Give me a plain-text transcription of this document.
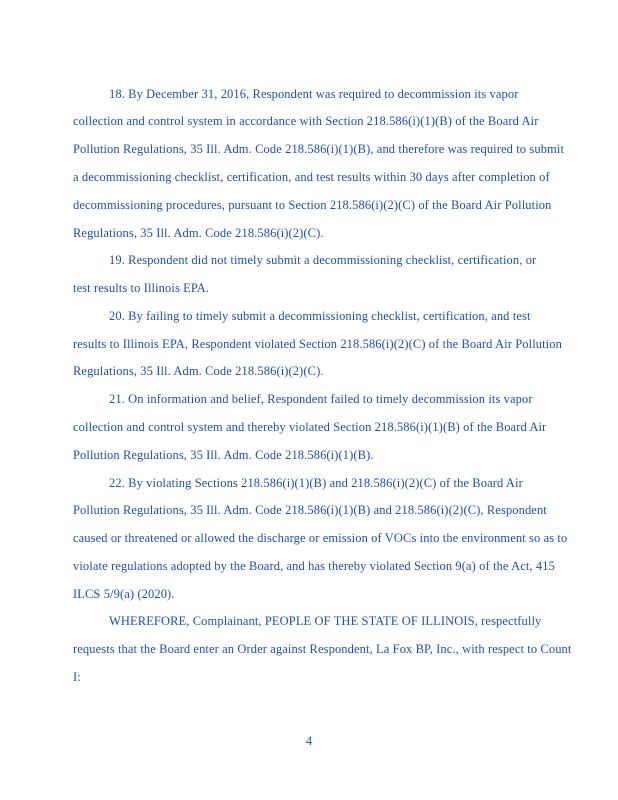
18. By December 31, 2016, Respondent was required to decommission its vapor
collection and control system in accordance with Section 218.586(i)(1)(B) of the Board Air
Pollution Regulations, 35 Ill. Adm. Code 218.586(i)(1)(B), and therefore was required to submit
a decommissioning checklist, certification, and test results within 30 days after completion of
decommissioning procedures, pursuant to Section 218.586(i)(2)(C) of the Board Air Pollution
Regulations, 35 Ill. Adm. Code 218.586(i)(2)(C).
19. Respondent did not timely submit a decommissioning checklist, certification, or
test results to Illinois EPA.
20. By failing to timely submit a decommissioning checklist, certification, and test
results to Illinois EPA, Respondent violated Section 218.586(i)(2)(C) of the Board Air Pollution
Regulations, 35 Ill. Adm. Code 218.586(i)(2)(C).
21. On information and belief, Respondent failed to timely decommission its vapor
collection and control system and thereby violated Section 218.586(i)(1)(B) of the Board Air
Pollution Regulations, 35 Ill. Adm. Code 218.586(i)(1)(B).
22. By violating Sections 218.586(i)(1)(B) and 218.586(i)(2)(C) of the Board Air
Pollution Regulations, 35 Ill. Adm. Code 218.586(i)(1)(B) and 218.586(i)(2)(C), Respondent
caused or threatened or allowed the discharge or emission of VOCs into the environment so as to
violate regulations adopted by the Board, and has thereby violated Section 9(a) of the Act, 415
ILCS 5/9(a) (2020).
WHEREFORE, Complainant, PEOPLE OF THE STATE OF ILLINOIS, respectfully
requests that the Board enter an Order against Respondent, La Fox BP, Inc., with respect to Count
I:
4
